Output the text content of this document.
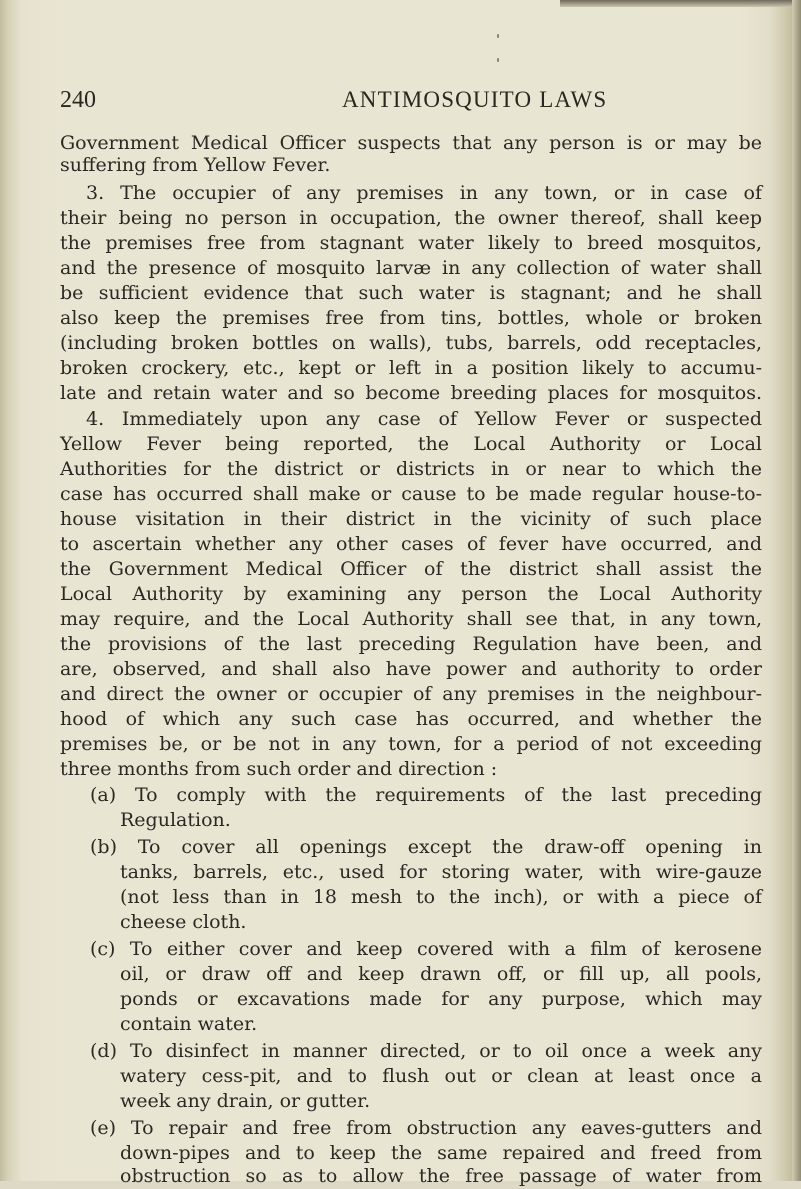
240	ANTIMOSQUITO LAWS
Government Medical Officer suspects that any person is or may be
suffering from Yellow Fever.
3. The occupier of any premises in any town, or in case of
their being no person in occupation, the owner thereof, shall keep
the premises free from stagnant water likely to breed mosquitos,
and the presence of mosquito larvæ in any collection of water shall
be sufficient evidence that such water is stagnant; and he shall
also keep the premises free from tins, bottles, whole or broken
(including broken bottles on walls), tubs, barrels, odd receptacles,
broken crockery, etc., kept or left in a position likely to accumu-
late and retain water and so become breeding places for mosquitos.
4. Immediately upon any case of Yellow Fever or suspected
Yellow Fever being reported, the Local Authority or Local
Authorities for the district or districts in or near to which the
case has occurred shall make or cause to be made regular house-to-
house visitation in their district in the vicinity of such place
to ascertain whether any other cases of fever have occurred, and
the Government Medical Officer of the district shall assist the
Local Authority by examining any person the Local Authority
may require, and the Local Authority shall see that, in any town,
the provisions of the last preceding Regulation have been, and
are, observed, and shall also have power and authority to order
and direct the owner or occupier of any premises in the neighbour-
hood of which any such case has occurred, and whether the
premises be, or be not in any town, for a period of not exceeding
three months from such order and direction :
(a) To comply with the requirements of the last preceding
Regulation.
(b) To cover all openings except the draw-off opening in
tanks, barrels, etc., used for storing water, with wire-gauze
(not less than in 18 mesh to the inch), or with a piece of
cheese cloth.
(c) To either cover and keep covered with a film of kerosene
oil, or draw off and keep drawn off, or fill up, all pools,
ponds or excavations made for any purpose, which may
contain water.
(d) To disinfect in manner directed, or to oil once a week any
watery cess-pit, and to flush out or clean at least once a
week any drain, or gutter.
(e) To repair and free from obstruction any eaves-gutters and
down-pipes and to keep the same repaired and freed from
obstruction so as to allow the free passage of water from
